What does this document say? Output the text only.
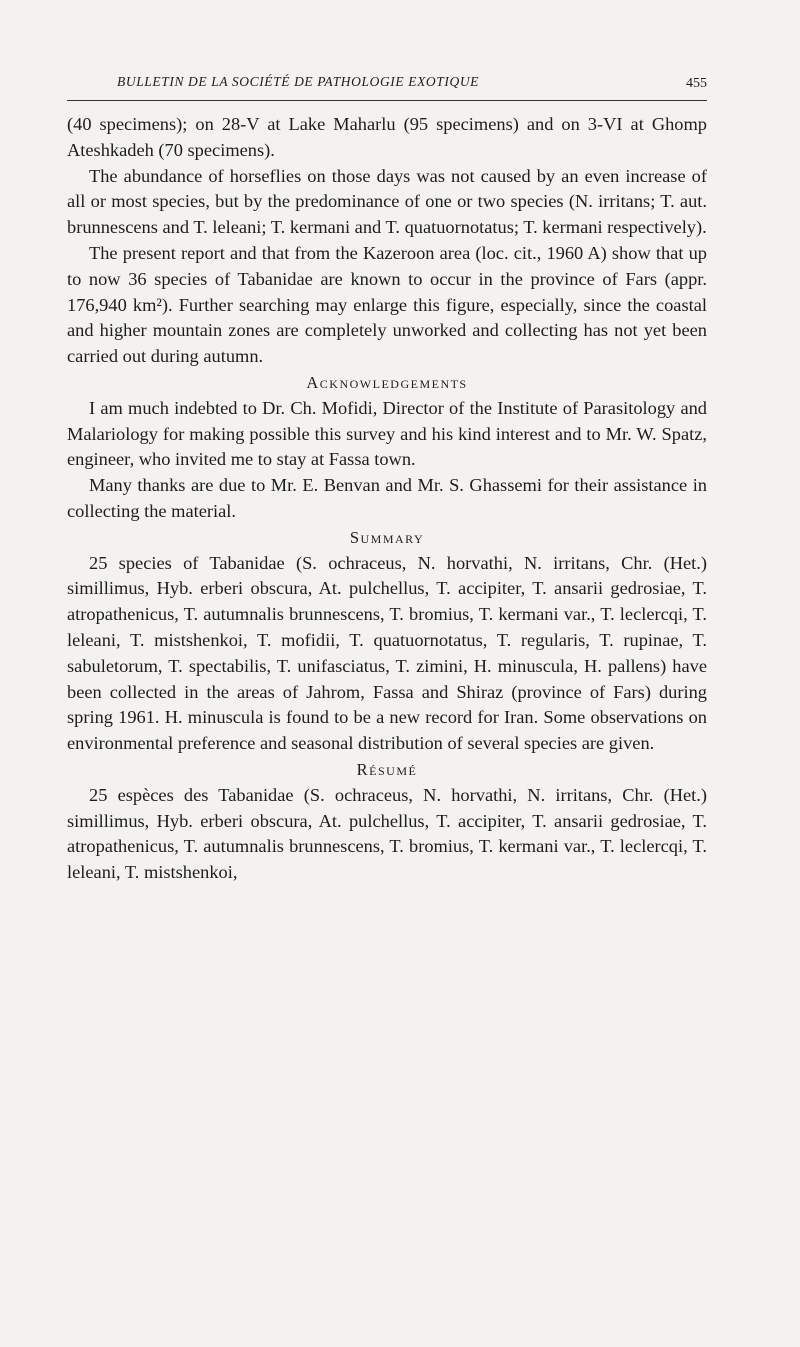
BULLETIN DE LA SOCIÉTÉ DE PATHOLOGIE EXOTIQUE	455

(40 specimens); on 28-V at Lake Maharlu (95 specimens) and on 3-VI at Ghomp Ateshkadeh (70 specimens).

The abundance of horseflies on those days was not caused by an even increase of all or most species, but by the predominance of one or two species (N. irritans; T. aut. brunnescens and T. leleani; T. kermani and T. quatuornotatus; T. kermani respectively).

The present report and that from the Kazeroon area (loc. cit., 1960 A) show that up to now 36 species of Tabanidae are known to occur in the province of Fars (appr. 176,940 km²). Further searching may enlarge this figure, especially, since the coastal and higher mountain zones are completely unworked and collecting has not yet been carried out during autumn.

Acknowledgements

I am much indebted to Dr. Ch. Mofidi, Director of the Institute of Parasitology and Malariology for making possible this survey and his kind interest and to Mr. W. Spatz, engineer, who invited me to stay at Fassa town.

Many thanks are due to Mr. E. Benvan and Mr. S. Ghassemi for their assistance in collecting the material.

Summary

25 species of Tabanidae (S. ochraceus, N. horvathi, N. irritans, Chr. (Het.) simillimus, Hyb. erberi obscura, At. pulchellus, T. accipiter, T. ansarii gedrosiae, T. atropathenicus, T. autumnalis brunnescens, T. bromius, T. kermani var., T. leclercqi, T. leleani, T. mistshenkoi, T. mofidii, T. quatuornotatus, T. regularis, T. rupinae, T. sabuletorum, T. spectabilis, T. unifasciatus, T. zimini, H. minuscula, H. pallens) have been collected in the areas of Jahrom, Fassa and Shiraz (province of Fars) during spring 1961. H. minuscula is found to be a new record for Iran. Some observations on environmental preference and seasonal distribution of several species are given.

Résumé

25 espèces des Tabanidae (S. ochraceus, N. horvathi, N. irritans, Chr. (Het.) simillimus, Hyb. erberi obscura, At. pulchellus, T. accipiter, T. ansarii gedrosiae, T. atropathenicus, T. autumnalis brunnescens, T. bromius, T. kermani var., T. leclercqi, T. leleani, T. mistshenkoi,
